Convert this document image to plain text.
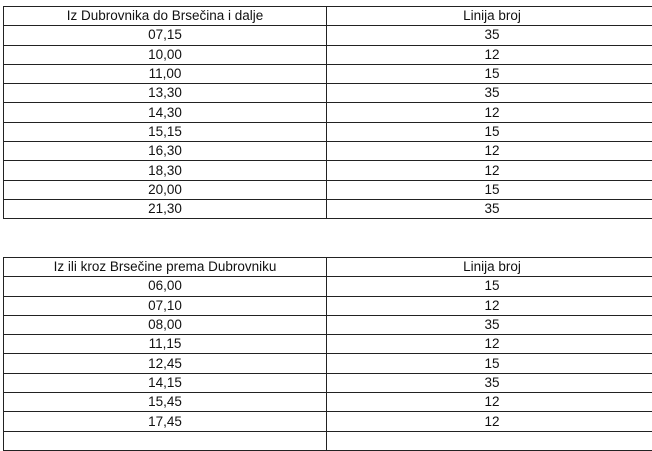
Iz Dubrovnika do Brsečina i dalje	Linija broj
07,15	35
10,00	12
11,00	15
13,30	35
14,30	12
15,15	15
16,30	12
18,30	12
20,00	15
21,30	35
Iz ili kroz Brsečine prema Dubrovniku	Linija broj
06,00	15
07,10	12
08,00	35
11,15	12
12,45	15
14,15	35
15,45	12
17,45	12
